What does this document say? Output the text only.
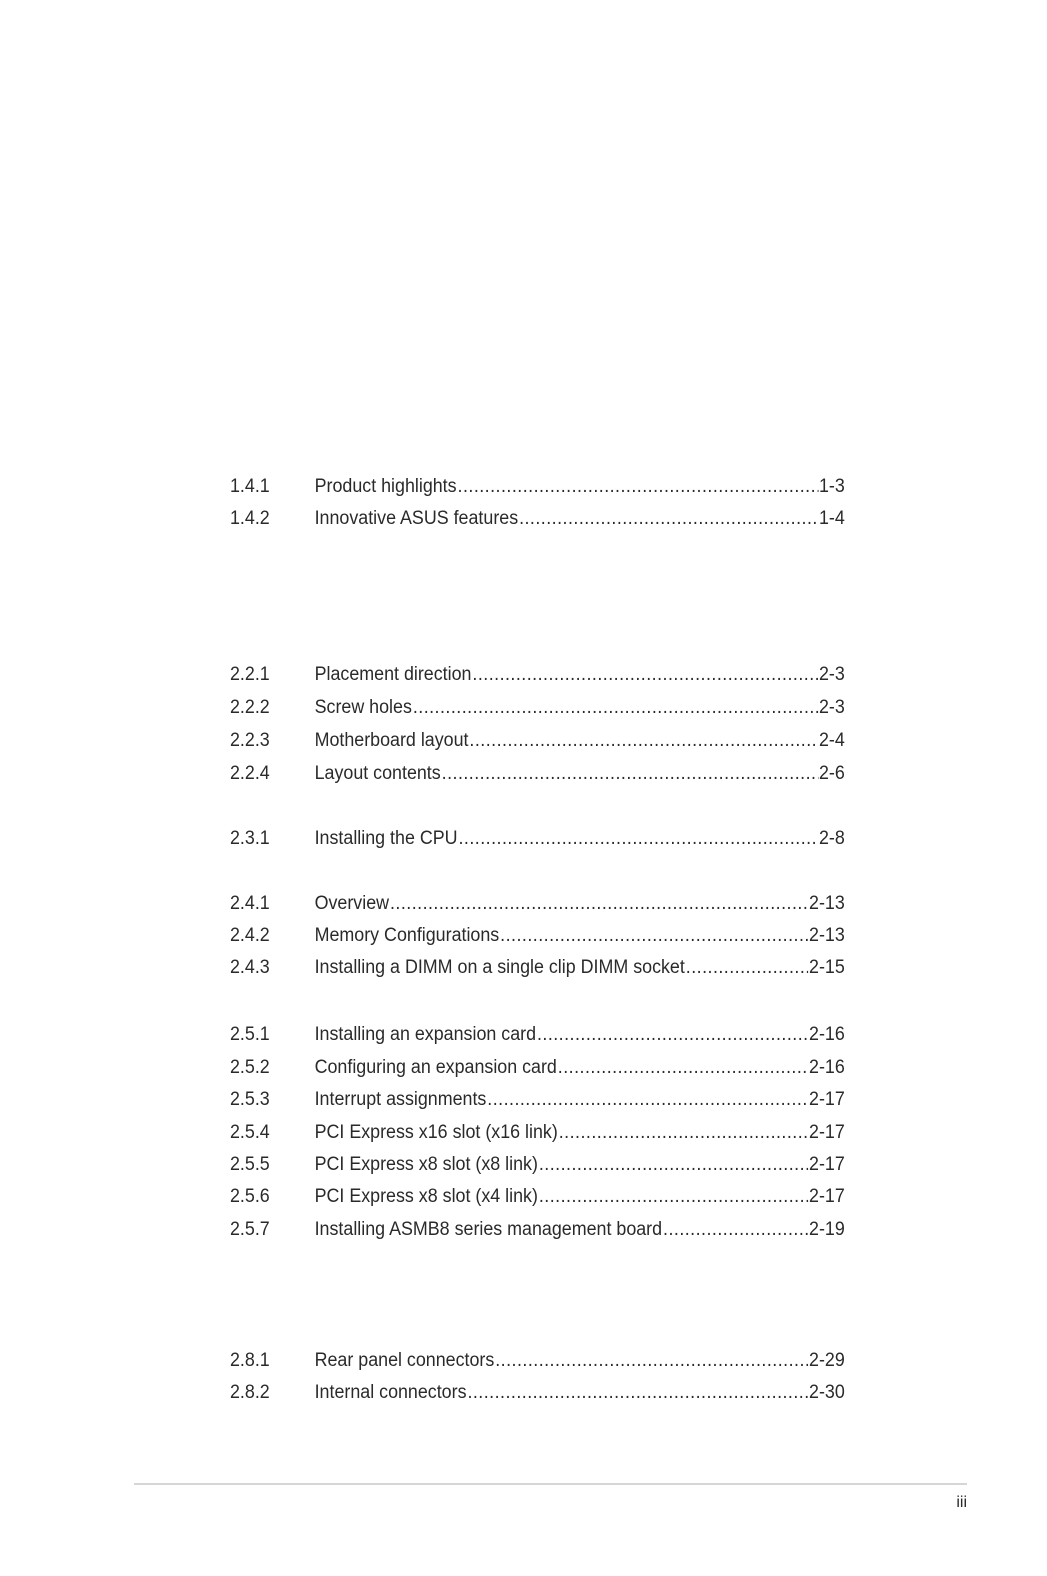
1.4.1	Product highlights .....	1-3
1.4.2	Innovative ASUS features .....	1-4
2.2.1	Placement direction .....	2-3
2.2.2	Screw holes .....	2-3
2.2.3	Motherboard layout .....	2-4
2.2.4	Layout contents .....	2-6
2.3.1	Installing the CPU .....	2-8
2.4.1	Overview .....	2-13
2.4.2	Memory Configurations .....	2-13
2.4.3	Installing a DIMM on a single clip DIMM socket .....	2-15
2.5.1	Installing an expansion card .....	2-16
2.5.2	Configuring an expansion card .....	2-16
2.5.3	Interrupt assignments .....	2-17
2.5.4	PCI Express x16 slot (x16 link) .....	2-17
2.5.5	PCI Express x8 slot (x8 link) .....	2-17
2.5.6	PCI Express x8 slot (x4 link) .....	2-17
2.5.7	Installing ASMB8 series management board .....	2-19
2.8.1	Rear panel connectors .....	2-29
2.8.2	Internal connectors .....	2-30
iii
